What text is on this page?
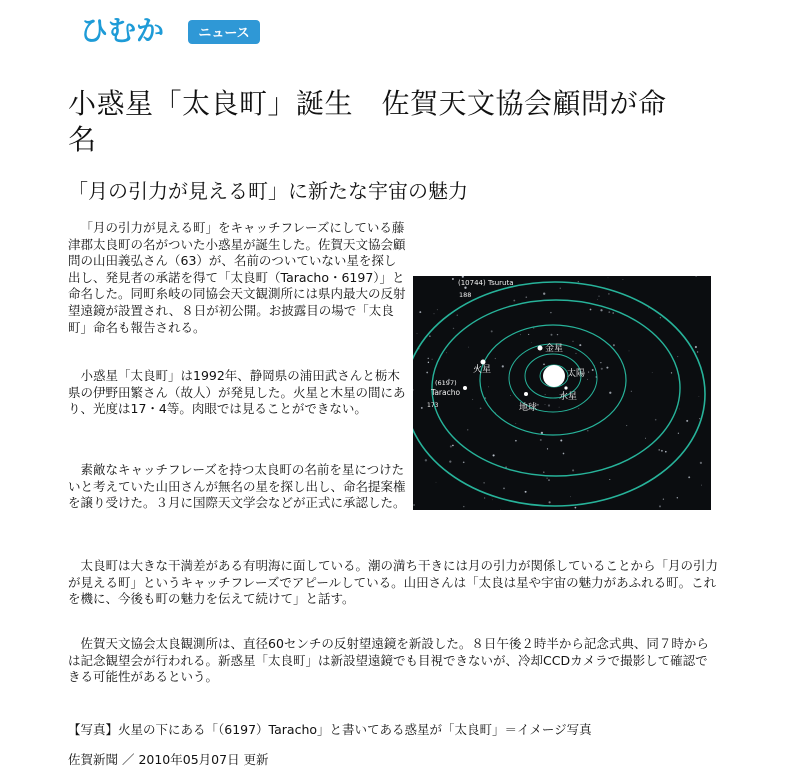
ひむか	ニュース
小惑星「太良町」誕生　佐賀天文協会顧問が命
名
「月の引力が見える町」に新たな宇宙の魅力

「月の引力が見える町」をキャッチフレーズにしている藤津郡太良町の名がついた小惑星が誕生した。佐賀天文協会顧問の山田義弘さん（63）が、名前のついていない星を探し出し、発見者の承諾を得て「太良町（Taracho・6197）」と命名した。同町糸岐の同協会天文観測所には県内最大の反射望遠鏡が設置され、８日が初公開。お披露目の場で「太良町」命名も報告される。

小惑星「太良町」は1992年、静岡県の浦田武さんと栃木県の伊野田繁さん（故人）が発見した。火星と木星の間にあり、光度は17・4等。肉眼では見ることができない。

素敵なキャッチフレーズを持つ太良町の名前を星につけたいと考えていた山田さんが無名の星を探し出し、命名提案権を譲り受けた。３月に国際天文学会などが正式に承認した。

(10744) Tsuruta
188
(6197)
Taracho
173
火星
金星
太陽
水星
地球

太良町は大きな干満差がある有明海に面している。潮の満ち干きには月の引力が関係していることから「月の引力が見える町」というキャッチフレーズでアピールしている。山田さんは「太良は星や宇宙の魅力があふれる町。これを機に、今後も町の魅力を伝えて続けて」と話す。

佐賀天文協会太良観測所は、直径60センチの反射望遠鏡を新設した。８日午後２時半から記念式典、同７時からは記念観望会が行われる。新惑星「太良町」は新設望遠鏡でも目視できないが、冷却CCDカメラで撮影して確認できる可能性があるという。

【写真】火星の下にある「（6197）Taracho」と書いてある惑星が「太良町」＝イメージ写真

佐賀新聞 ／ 2010年05月07日 更新
